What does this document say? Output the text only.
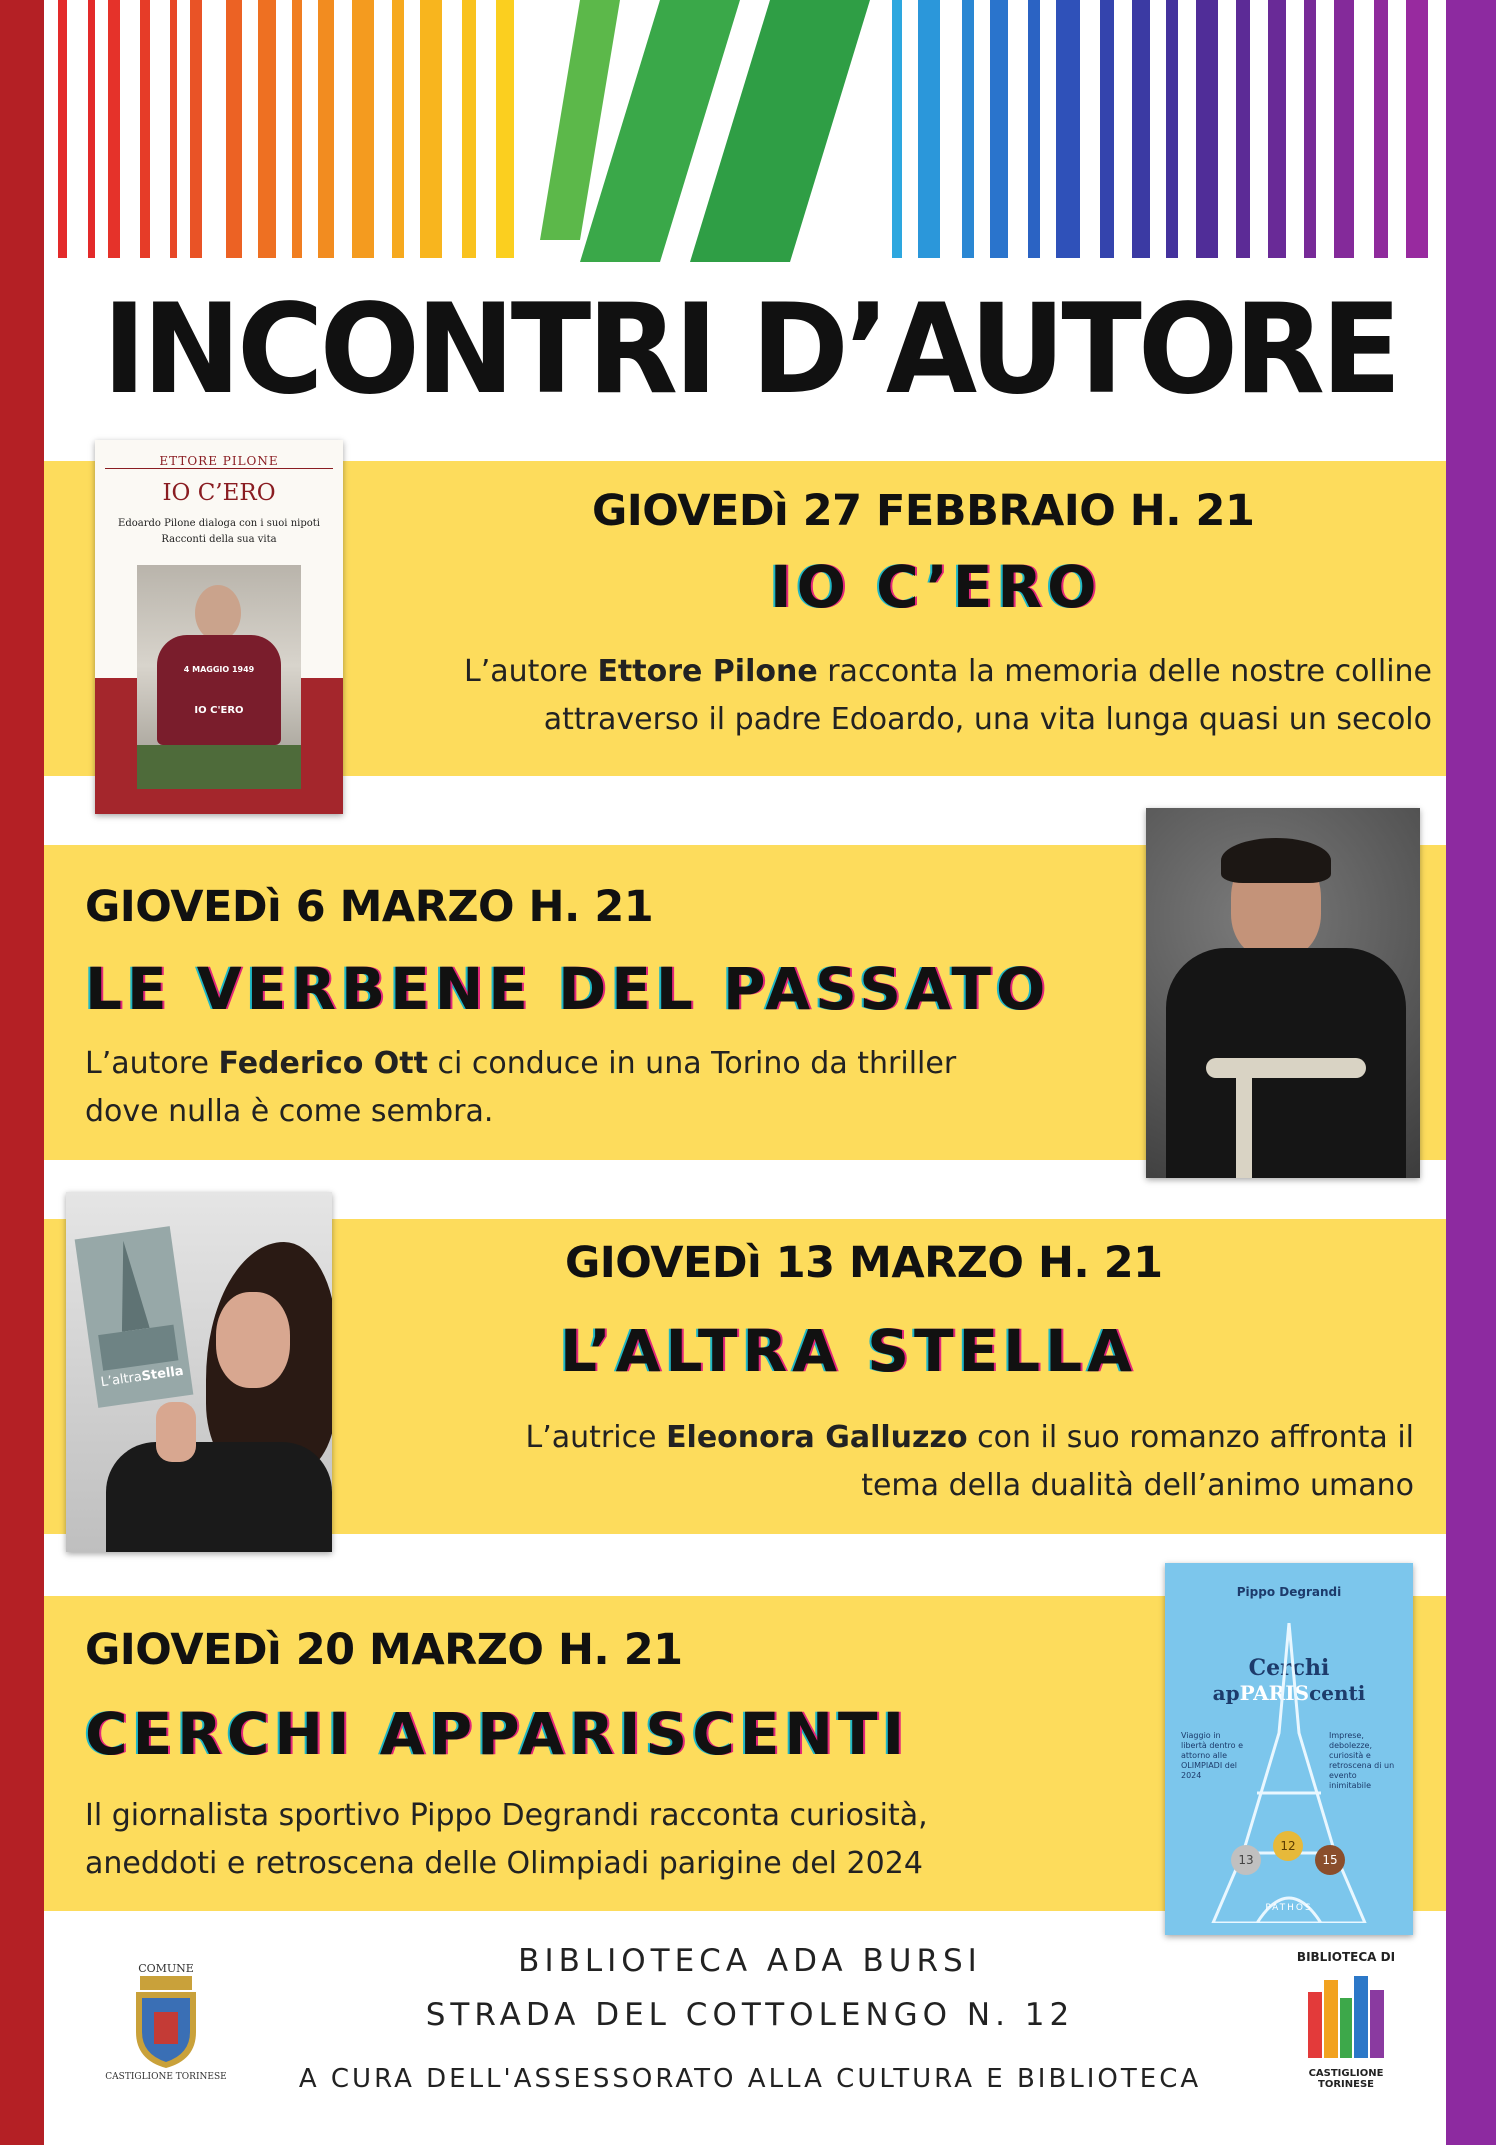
INCONTRI D’AUTORE
ETTORE PILONE
IO C’ERO
Edoardo Pilone dialoga con i suoi nipoti
Racconti della sua vita
4 MAGGIO 1949
IO C'ERO
GIOVEDì 27 FEBBRAIO H. 21
IO C’ERO
L’autore Ettore Pilone racconta la memoria delle nostre colline
attraverso il padre Edoardo, una vita lunga quasi un secolo
GIOVEDì 6 MARZO H. 21
LE VERBENE DEL PASSATO
L’autore Federico Ott ci conduce in una Torino da thriller
dove nulla è come sembra.
L’altraStella
GIOVEDì 13 MARZO H. 21
L’ALTRA STELLA
L’autrice Eleonora Galluzzo con il suo romanzo affronta il
tema della dualità dell’animo umano
GIOVEDì 20 MARZO H. 21
CERCHI APPARISCENTI
Il giornalista sportivo Pippo Degrandi racconta curiosità,
aneddoti e retroscena delle Olimpiadi parigine del 2024
Pippo Degrandi
Cerchi
apPARIScenti
Viaggio in libertà dentro e attorno alle OLIMPIADI del 2024
Imprese, debolezze, curiosità e retroscena di un evento inimitabile
13
12
15
PATHOS
COMUNE
CASTIGLIONE TORINESE
BIBLIOTECA ADA BURSI
STRADA DEL COTTOLENGO N. 12
A CURA DELL'ASSESSORATO ALLA CULTURA E BIBLIOTECA
BIBLIOTECA DI
CASTIGLIONE TORINESE
